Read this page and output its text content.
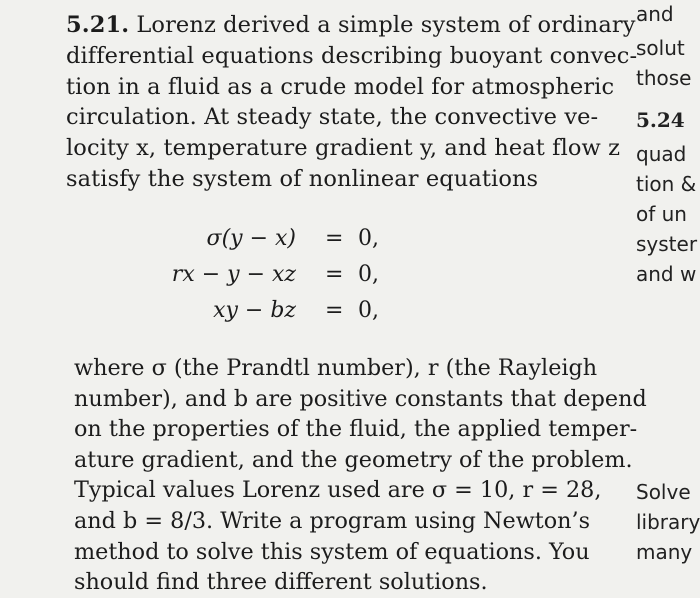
5.21. Lorenz derived a simple system of ordinary
differential equations describing buoyant convec-
tion in a fluid as a crude model for atmospheric
circulation. At steady state, the convective ve-
locity x, temperature gradient y, and heat flow z
satisfy the system of nonlinear equations
σ(y − x) = 0,
rx − y − xz = 0,
xy − bz = 0,
where σ (the Prandtl number), r (the Rayleigh
number), and b are positive constants that depend
on the properties of the fluid, the applied temper-
ature gradient, and the geometry of the problem.
Typical values Lorenz used are σ = 10, r = 28,
and b = 8/3. Write a program using Newton’s
method to solve this system of equations. You
should find three different solutions.
and
solut
those
5.24
quad
tion &
of un
syster
and w
Solve
library
many
